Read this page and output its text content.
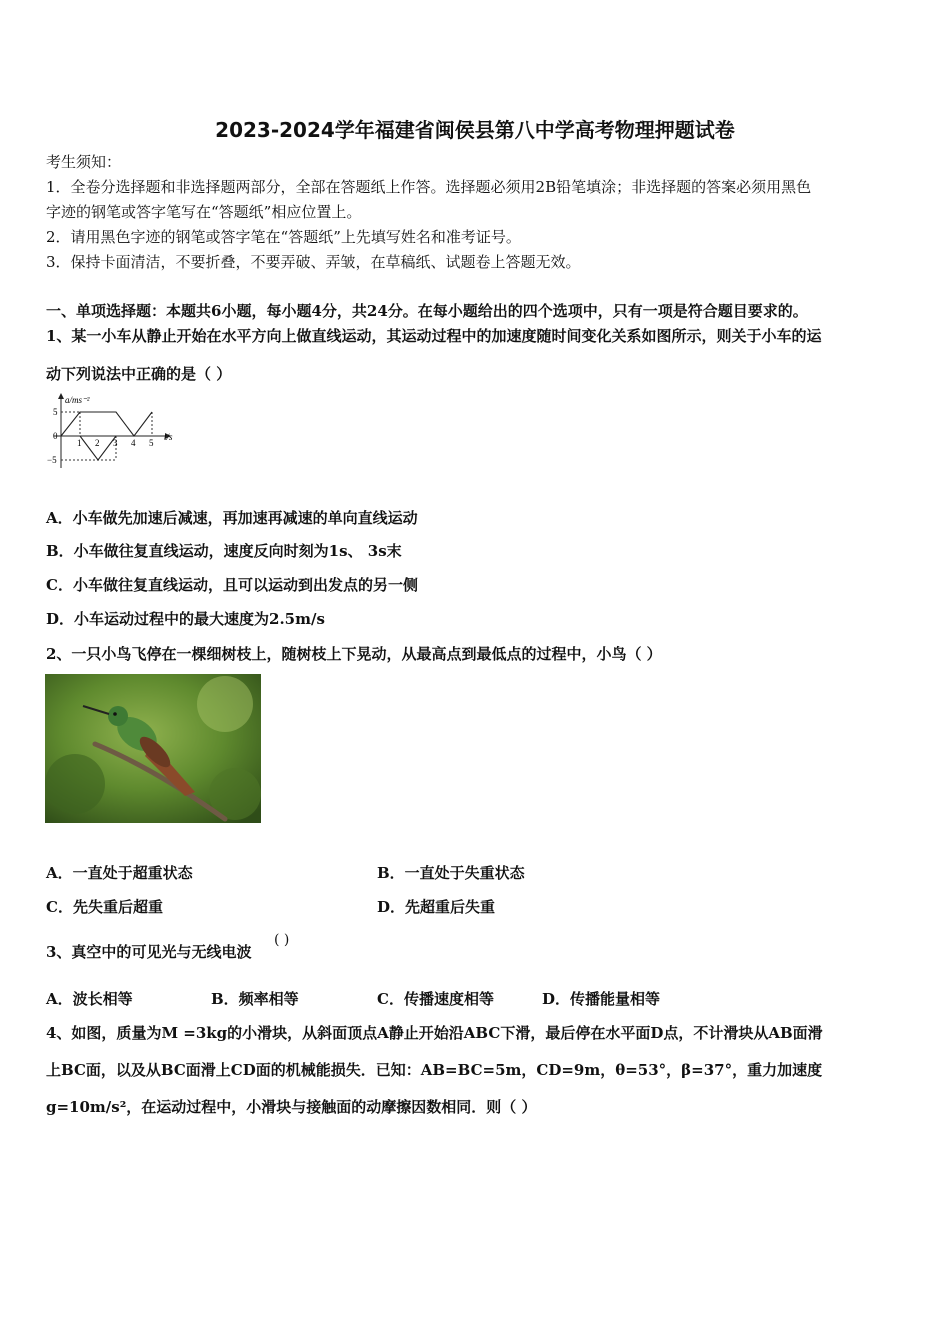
2023-2024学年福建省闽侯县第八中学高考物理押题试卷
考生须知：
1．全卷分选择题和非选择题两部分，全部在答题纸上作答。选择题必须用2B铅笔填涂；非选择题的答案必须用黑色
字迹的钢笔或答字笔写在“答题纸”相应位置上。
2．请用黑色字迹的钢笔或答字笔在“答题纸”上先填写姓名和准考证号。
3．保持卡面清洁，不要折叠，不要弄破、弄皱，在草稿纸、试题卷上答题无效。
一、单项选择题：本题共6小题，每小题4分，共24分。在每小题给出的四个选项中，只有一项是符合题目要求的。
1、某一小车从静止开始在水平方向上做直线运动，其运动过程中的加速度随时间变化关系如图所示，则关于小车的运
动下列说法中正确的是（ ）
a/ms⁻²
t/s
5
0
−5
1 2 3 4 5
A．小车做先加速后减速，再加速再减速的单向直线运动
B．小车做往复直线运动，速度反向时刻为1s、 3s末
C．小车做往复直线运动，且可以运动到出发点的另一侧
D．小车运动过程中的最大速度为2.5m/s
2、一只小鸟飞停在一棵细树枝上，随树枝上下晃动，从最高点到最低点的过程中，小鸟（ ）
A．一直处于超重状态	B．一直处于失重状态
C．先失重后超重	D．先超重后失重
3、真空中的可见光与无线电波
( )
A．波长相等	B．频率相等	C．传播速度相等	D．传播能量相等
4、如图，质量为M =3kg的小滑块，从斜面顶点A静止开始沿ABC下滑，最后停在水平面D点，不计滑块从AB面滑
上BC面，以及从BC面滑上CD面的机械能损失．已知：AB=BC=5m，CD=9m，θ=53°，β=37°，重力加速度
g=10m/s²，在运动过程中，小滑块与接触面的动摩擦因数相同．则（ ）
